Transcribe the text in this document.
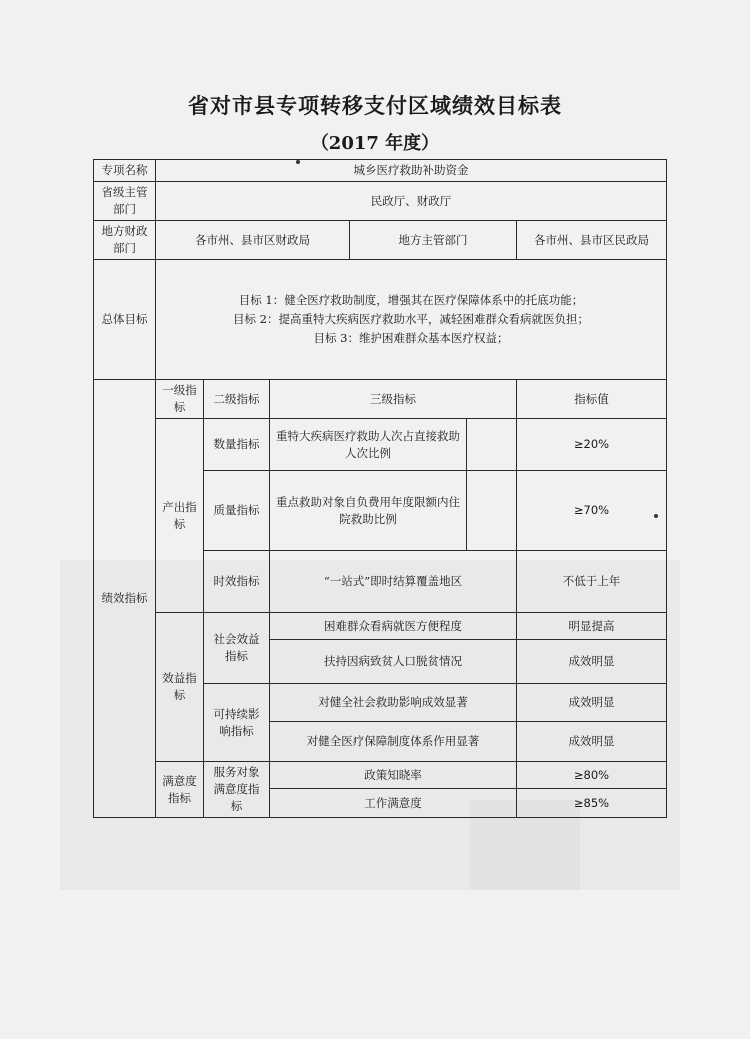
省对市县专项转移支付区域绩效目标表
（2017 年度）
专项名称	城乡医疗救助补助资金					
省级主管部门	民政厅、财政厅					
地方财政部门	各市州、县市区财政局			地方主管部门		各市州、县市区民政局
总体目标	目标 1：健全医疗救助制度，增强其在医疗保障体系中的托底功能；
目标 2：提高重特大疾病医疗救助水平，减轻困难群众看病就医负担；
目标 3：维护困难群众基本医疗权益；					

绩效指标	一级指标	二级指标	三级指标			指标值
	产出指标	数量指标	重特大疾病医疗救助人次占直接救助人次比例			≥20%
		质量指标	重点救助对象自负费用年度限额内住院救助比例			≥70%
		时效指标	“一站式”即时结算覆盖地区			不低于上年
	效益指标	社会效益指标	困难群众看病就医方便程度			明显提高
			扶持因病致贫人口脱贫情况			成效明显
		可持续影响指标	对健全社会救助影响成效显著			成效明显
			对健全医疗保障制度体系作用显著			成效明显
	满意度指标	服务对象满意度指标	政策知晓率			≥80%
			工作满意度			≥85%
